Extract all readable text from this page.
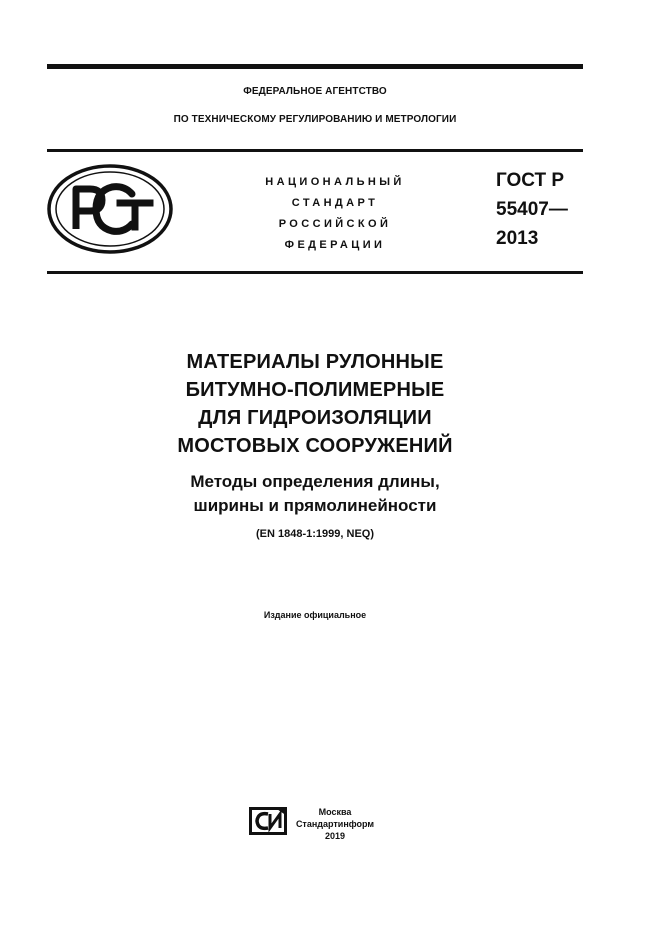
ФЕДЕРАЛЬНОЕ АГЕНТСТВО
ПО ТЕХНИЧЕСКОМУ РЕГУЛИРОВАНИЮ И МЕТРОЛОГИИ
НАЦИОНАЛЬНЫЙ
СТАНДАРТ
РОССИЙСКОЙ
ФЕДЕРАЦИИ
ГОСТ Р
55407—
2013
МАТЕРИАЛЫ РУЛОННЫЕ
БИТУМНО-ПОЛИМЕРНЫЕ
ДЛЯ ГИДРОИЗОЛЯЦИИ
МОСТОВЫХ СООРУЖЕНИЙ
Методы определения длины,
ширины и прямолинейности
(EN 1848-1:1999, NEQ)
Издание официальное
Москва
Стандартинформ
2019
